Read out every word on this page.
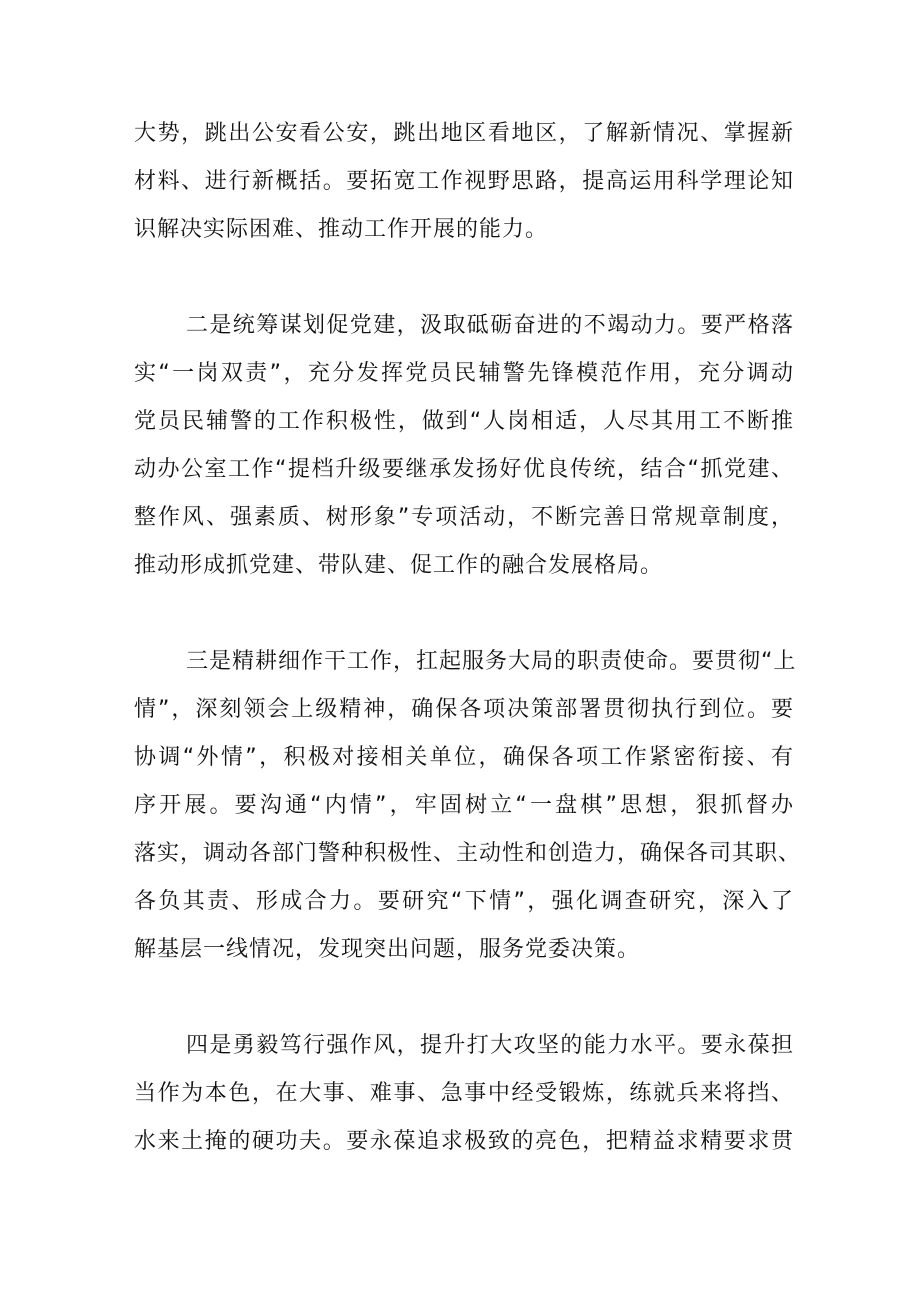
大势，跳出公安看公安，跳出地区看地区，了解新情况、掌握新
材料、进行新概括。要拓宽工作视野思路，提高运用科学理论知
识解决实际困难、推动工作开展的能力。
二是统筹谋划促党建，汲取砥砺奋进的不竭动力。要严格落
实“一岗双责”，充分发挥党员民辅警先锋模范作用，充分调动
党员民辅警的工作积极性，做到“人岗相适，人尽其用工不断推
动办公室工作“提档升级要继承发扬好优良传统，结合“抓党建、
整作风、强素质、树形象”专项活动，不断完善日常规章制度，
推动形成抓党建、带队建、促工作的融合发展格局。
三是精耕细作干工作，扛起服务大局的职责使命。要贯彻“上
情”，深刻领会上级精神，确保各项决策部署贯彻执行到位。要
协调“外情”，积极对接相关单位，确保各项工作紧密衔接、有
序开展。要沟通“内情”，牢固树立“一盘棋”思想，狠抓督办
落实，调动各部门警种积极性、主动性和创造力，确保各司其职、
各负其责、形成合力。要研究“下情”，强化调查研究，深入了
解基层一线情况，发现突出问题，服务党委决策。
四是勇毅笃行强作风，提升打大攻坚的能力水平。要永葆担
当作为本色，在大事、难事、急事中经受锻炼，练就兵来将挡、
水来土掩的硬功夫。要永葆追求极致的亮色，把精益求精要求贯
